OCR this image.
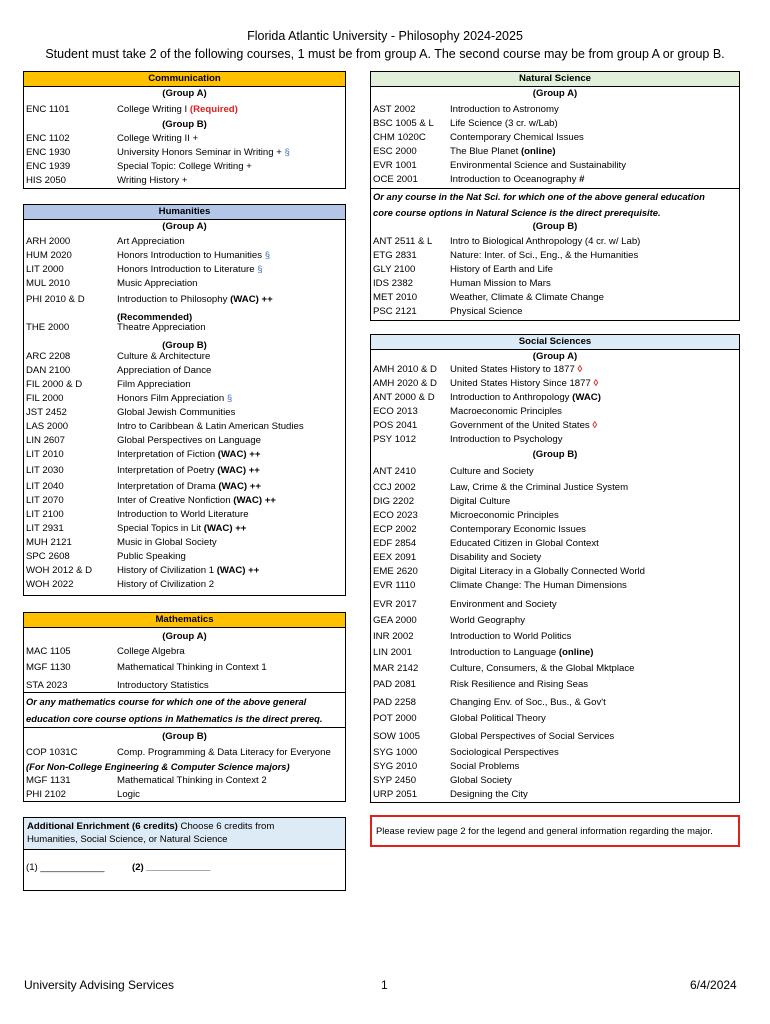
Florida Atlantic University - Philosophy 2024-2025
Student must take 2 of the following courses, 1 must be from group A. The second course may be from group A or group B.
Communication
(Group A)
ENC 1101	College Writing I (Required)
(Group B)
ENC 1102	College Writing II +
ENC 1930	University Honors Seminar in Writing + §
ENC 1939	Special Topic: College Writing +
HIS 2050	Writing History +
Humanities
(Group A)
ARH 2000	Art Appreciation
HUM 2020	Honors Introduction to Humanities §
LIT 2000	Honors Introduction to Literature §
MUL 2010	Music Appreciation
PHI 2010 & D	Introduction to Philosophy (WAC) ++
THE 2000	Theatre Appreciation
(Recommended)
(Group B)
ARC 2208	Culture & Architecture
DAN 2100	Appreciation of Dance
FIL 2000 & D	Film Appreciation
FIL 2000	Honors Film Appreciation §
JST 2452	Global Jewish Communities
LAS 2000	Intro to Caribbean & Latin American Studies
LIN 2607	Global Perspectives on Language
LIT 2010	Interpretation of Fiction (WAC) ++
LIT 2030	Interpretation of Poetry (WAC) ++
LIT 2040	Interpretation of Drama (WAC) ++
LIT 2070	Inter of Creative Nonfiction (WAC) ++
LIT 2100	Introduction to World Literature
LIT 2931	Special Topics in Lit (WAC) ++
MUH 2121	Music in Global Society
SPC 2608	Public Speaking
WOH 2012 & D	History of Civilization 1 (WAC) ++
WOH 2022	History of Civilization 2
Mathematics
(Group A)
MAC 1105	College Algebra
MGF 1130	Mathematical Thinking in Context 1
STA 2023	Introductory Statistics
Or any mathematics course for which one of the above general
education core course options in Mathematics is the direct prereq.
(Group B)
COP 1031C	Comp. Programming & Data Literacy for Everyone
(For Non-College Engineering & Computer Science majors)
MGF 1131	Mathematical Thinking in Context 2
PHI 2102	Logic
Additional Enrichment (6 credits) Choose 6 credits from
Humanities, Social Science, or Natural Science
(1) ____________	(2) ____________
Natural Science
(Group A)
AST 2002	Introduction to Astronomy
BSC 1005 & L Life Science (3 cr. w/Lab)
CHM 1020C	Contemporary Chemical Issues
ESC 2000	The Blue Planet (online)
EVR 1001	Environmental Science and Sustainability
OCE 2001	Introduction to Oceanography #
Or any course in the Nat Sci. for which one of the above general education
core course options in Natural Science is the direct prerequisite.
(Group B)
ANT 2511 & L Intro to Biological Anthropology (4 cr. w/ Lab)
ETG 2831	Nature: Inter. of Sci., Eng., & the Humanities
GLY 2100	History of Earth and Life
IDS 2382	Human Mission to Mars
MET 2010	Weather, Climate & Climate Change
PSC 2121	Physical Science
Social Sciences
(Group A)
AMH 2010 & D United States History to 1877 ◊
AMH 2020 & D United States History Since 1877 ◊
ANT 2000 & D Introduction to Anthropology (WAC)
ECO 2013	Macroeconomic Principles
POS 2041	Government of the United States ◊
PSY 1012	Introduction to Psychology
(Group B)
ANT 2410	Culture and Society
CCJ 2002	Law, Crime & the Criminal Justice System
DIG 2202	Digital Culture
ECO 2023	Microeconomic Principles
ECP 2002	Contemporary Economic Issues
EDF 2854	Educated Citizen in Global Context
EEX 2091	Disability and Society
EME 2620	Digital Literacy in a Globally Connected World
EVR 1110	Climate Change: The Human Dimensions
EVR 2017	Environment and Society
GEA 2000	World Geography
INR 2002	Introduction to World Politics
LIN 2001	Introduction to Language (online)
MAR 2142	Culture, Consumers, & the Global Mktplace
PAD 2081	Risk Resilience and Rising Seas
PAD 2258	Changing Env. of Soc., Bus., & Gov't
POT 2000	Global Political Theory
SOW 1005	Global Perspectives of Social Services
SYG 1000	Sociological Perspectives
SYG 2010	Social Problems
SYP 2450	Global Society
URP 2051	Designing the City
Please review page 2 for the legend and general information regarding the major.
University Advising Services	1	6/4/2024
